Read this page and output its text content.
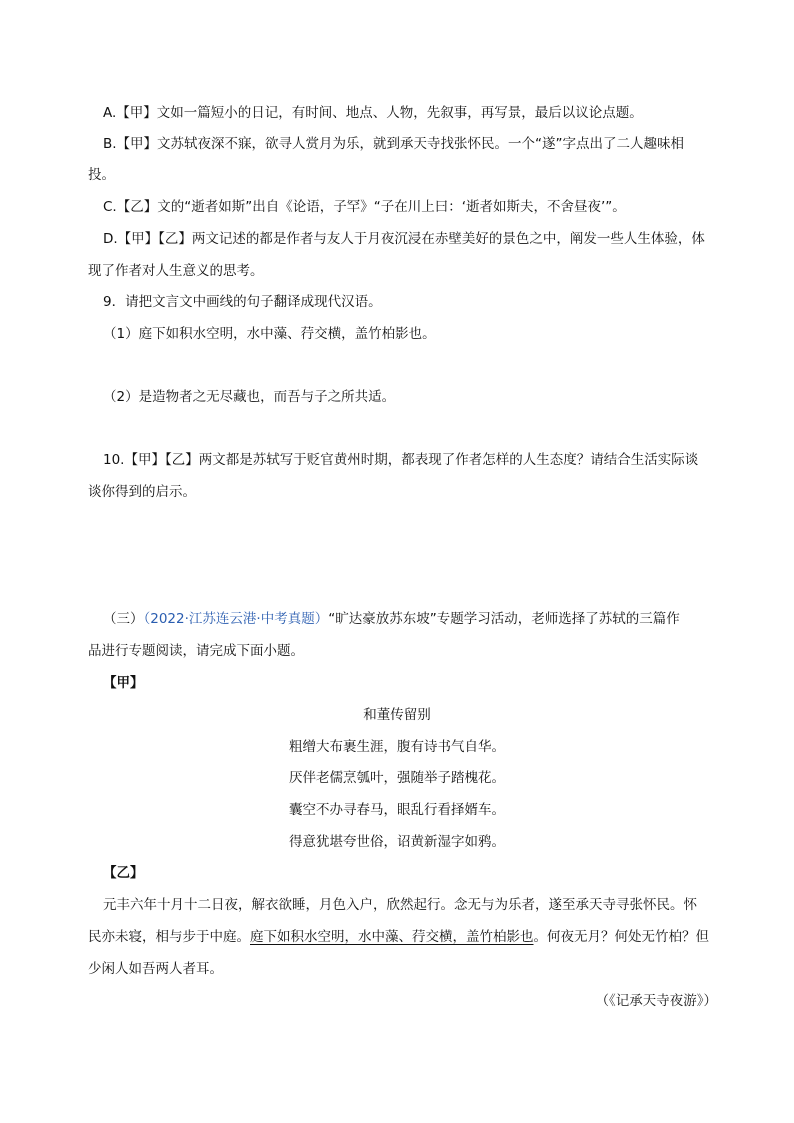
A.【甲】文如一篇短小的日记，有时间、地点、人物，先叙事，再写景，最后以议论点题。
B.【甲】文苏轼夜深不寐，欲寻人赏月为乐，就到承天寺找张怀民。一个“遂”字点出了二人趣味相
投。
C.【乙】文的“逝者如斯”出自《论语，子罕》“子在川上曰：‘逝者如斯夫，不舍昼夜’”。
D.【甲】【乙】两文记述的都是作者与友人于月夜沉浸在赤壁美好的景色之中，阐发一些人生体验，体
现了作者对人生意义的思考。
9．请把文言文中画线的句子翻译成现代汉语。
（1）庭下如积水空明，水中藻、荇交横，盖竹柏影也。
（2）是造物者之无尽藏也，而吾与子之所共适。
10.【甲】【乙】两文都是苏轼写于贬官黄州时期，都表现了作者怎样的人生态度？请结合生活实际谈
谈你得到的启示。
（三）（2022·江苏连云港·中考真题）“旷达豪放苏东坡”专题学习活动，老师选择了苏轼的三篇作
品进行专题阅读，请完成下面小题。
【甲】
和董传留别
粗缯大布裹生涯，腹有诗书气自华。
厌伴老儒烹瓠叶，强随举子踏槐花。
囊空不办寻春马，眼乱行看择婿车。
得意犹堪夸世俗，诏黄新湿字如鸦。
【乙】
元丰六年十月十二日夜，解衣欲睡，月色入户，欣然起行。念无与为乐者，遂至承天寺寻张怀民。怀
民亦未寝，相与步于中庭。庭下如积水空明，水中藻、荇交横，盖竹柏影也。何夜无月？何处无竹柏？但
少闲人如吾两人者耳。
（《记承天寺夜游》）
